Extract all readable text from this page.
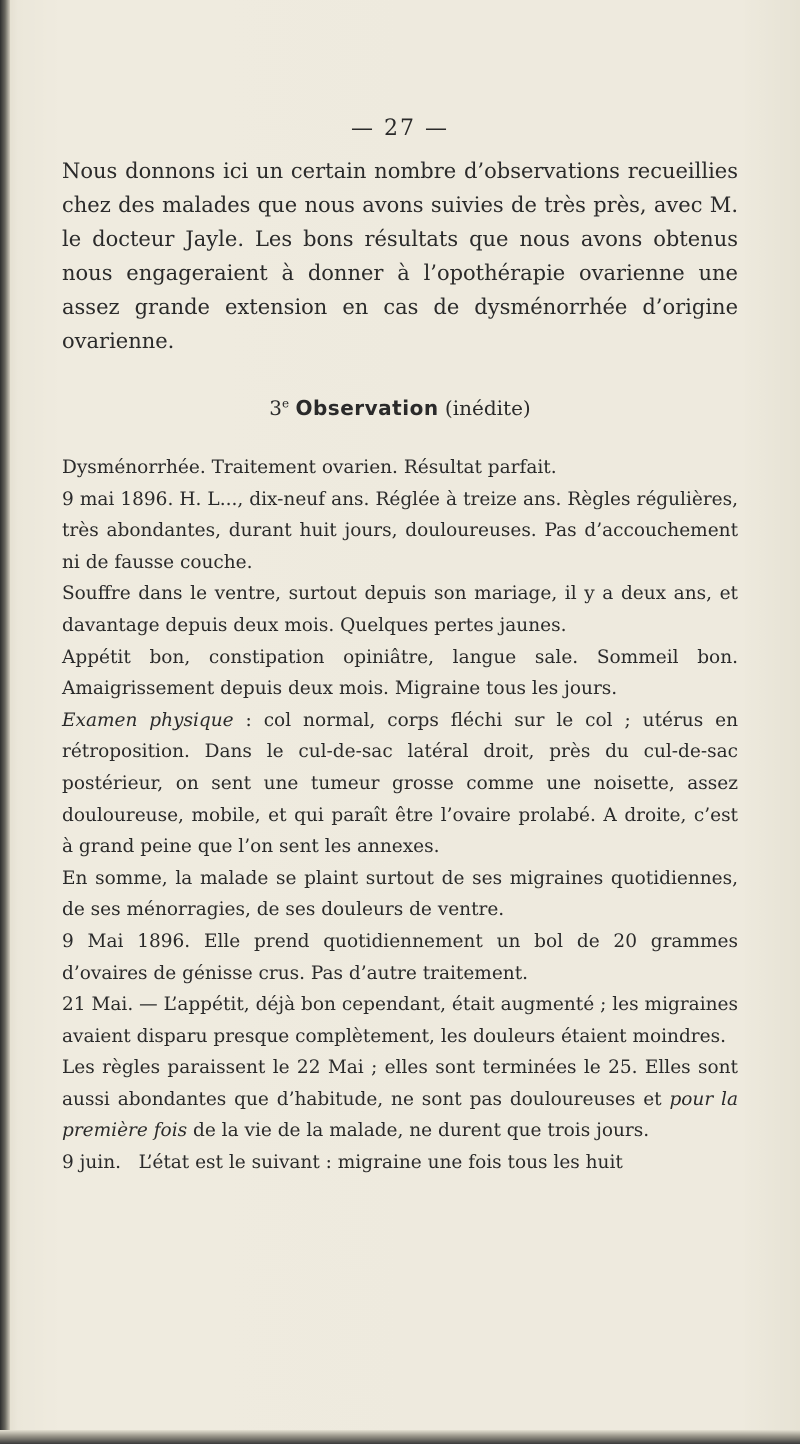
— 27 —

Nous donnons ici un certain nombre d’observations recueillies chez des malades que nous avons suivies de très près, avec M. le docteur Jayle. Les bons résultats que nous avons obtenus nous engageraient à donner à l’opothérapie ovarienne une assez grande extension en cas de dysménorrhée d’origine ovarienne.

3e Observation (inédite)

Dysménorrhée. Traitement ovarien. Résultat parfait.

9 mai 1896. H. L..., dix-neuf ans. Réglée à treize ans. Règles régulières, très abondantes, durant huit jours, douloureuses. Pas d’accouchement ni de fausse couche.

Souffre dans le ventre, surtout depuis son mariage, il y a deux ans, et davantage depuis deux mois. Quelques pertes jaunes.

Appétit bon, constipation opiniâtre, langue sale. Sommeil bon. Amaigrissement depuis deux mois. Migraine tous les jours.

Examen physique : col normal, corps fléchi sur le col ; utérus en rétroposition. Dans le cul-de-sac latéral droit, près du cul-de-sac postérieur, on sent une tumeur grosse comme une noisette, assez douloureuse, mobile, et qui paraît être l’ovaire prolabé. A droite, c’est à grand peine que l’on sent les annexes.

En somme, la malade se plaint surtout de ses migraines quotidiennes, de ses ménorragies, de ses douleurs de ventre.

9 Mai 1896. Elle prend quotidiennement un bol de 20 grammes d’ovaires de génisse crus. Pas d’autre traitement.

21 Mai. — L’appétit, déjà bon cependant, était augmenté ; les migraines avaient disparu presque complètement, les douleurs étaient moindres.

Les règles paraissent le 22 Mai ; elles sont terminées le 25. Elles sont aussi abondantes que d’habitude, ne sont pas douloureuses et pour la première fois de la vie de la malade, ne durent que trois jours.

9 juin.   L’état est le suivant : migraine une fois tous les huit
